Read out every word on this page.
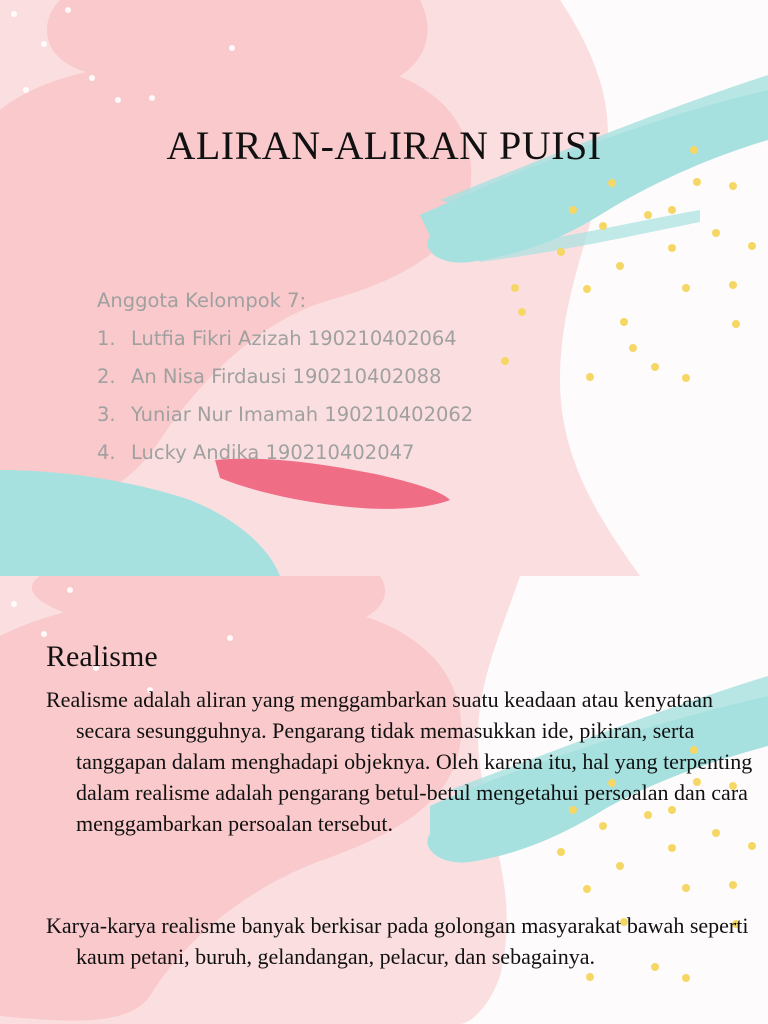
ALIRAN-ALIRAN PUISI
Anggota Kelompok 7:
1. Lutfia Fikri Azizah 190210402064
2. An Nisa Firdausi 190210402088
3. Yuniar Nur Imamah 190210402062
4. Lucky Andika 190210402047
Realisme
Realisme adalah aliran yang menggambarkan suatu keadaan atau kenyataan secara sesungguhnya. Pengarang tidak memasukkan ide, pikiran, serta tanggapan dalam menghadapi objeknya. Oleh karena itu, hal yang terpenting dalam realisme adalah pengarang betul-betul mengetahui persoalan dan cara menggambarkan persoalan tersebut.
Karya-karya realisme banyak berkisar pada golongan masyarakat bawah seperti kaum petani, buruh, gelandangan, pelacur, dan sebagainya.
